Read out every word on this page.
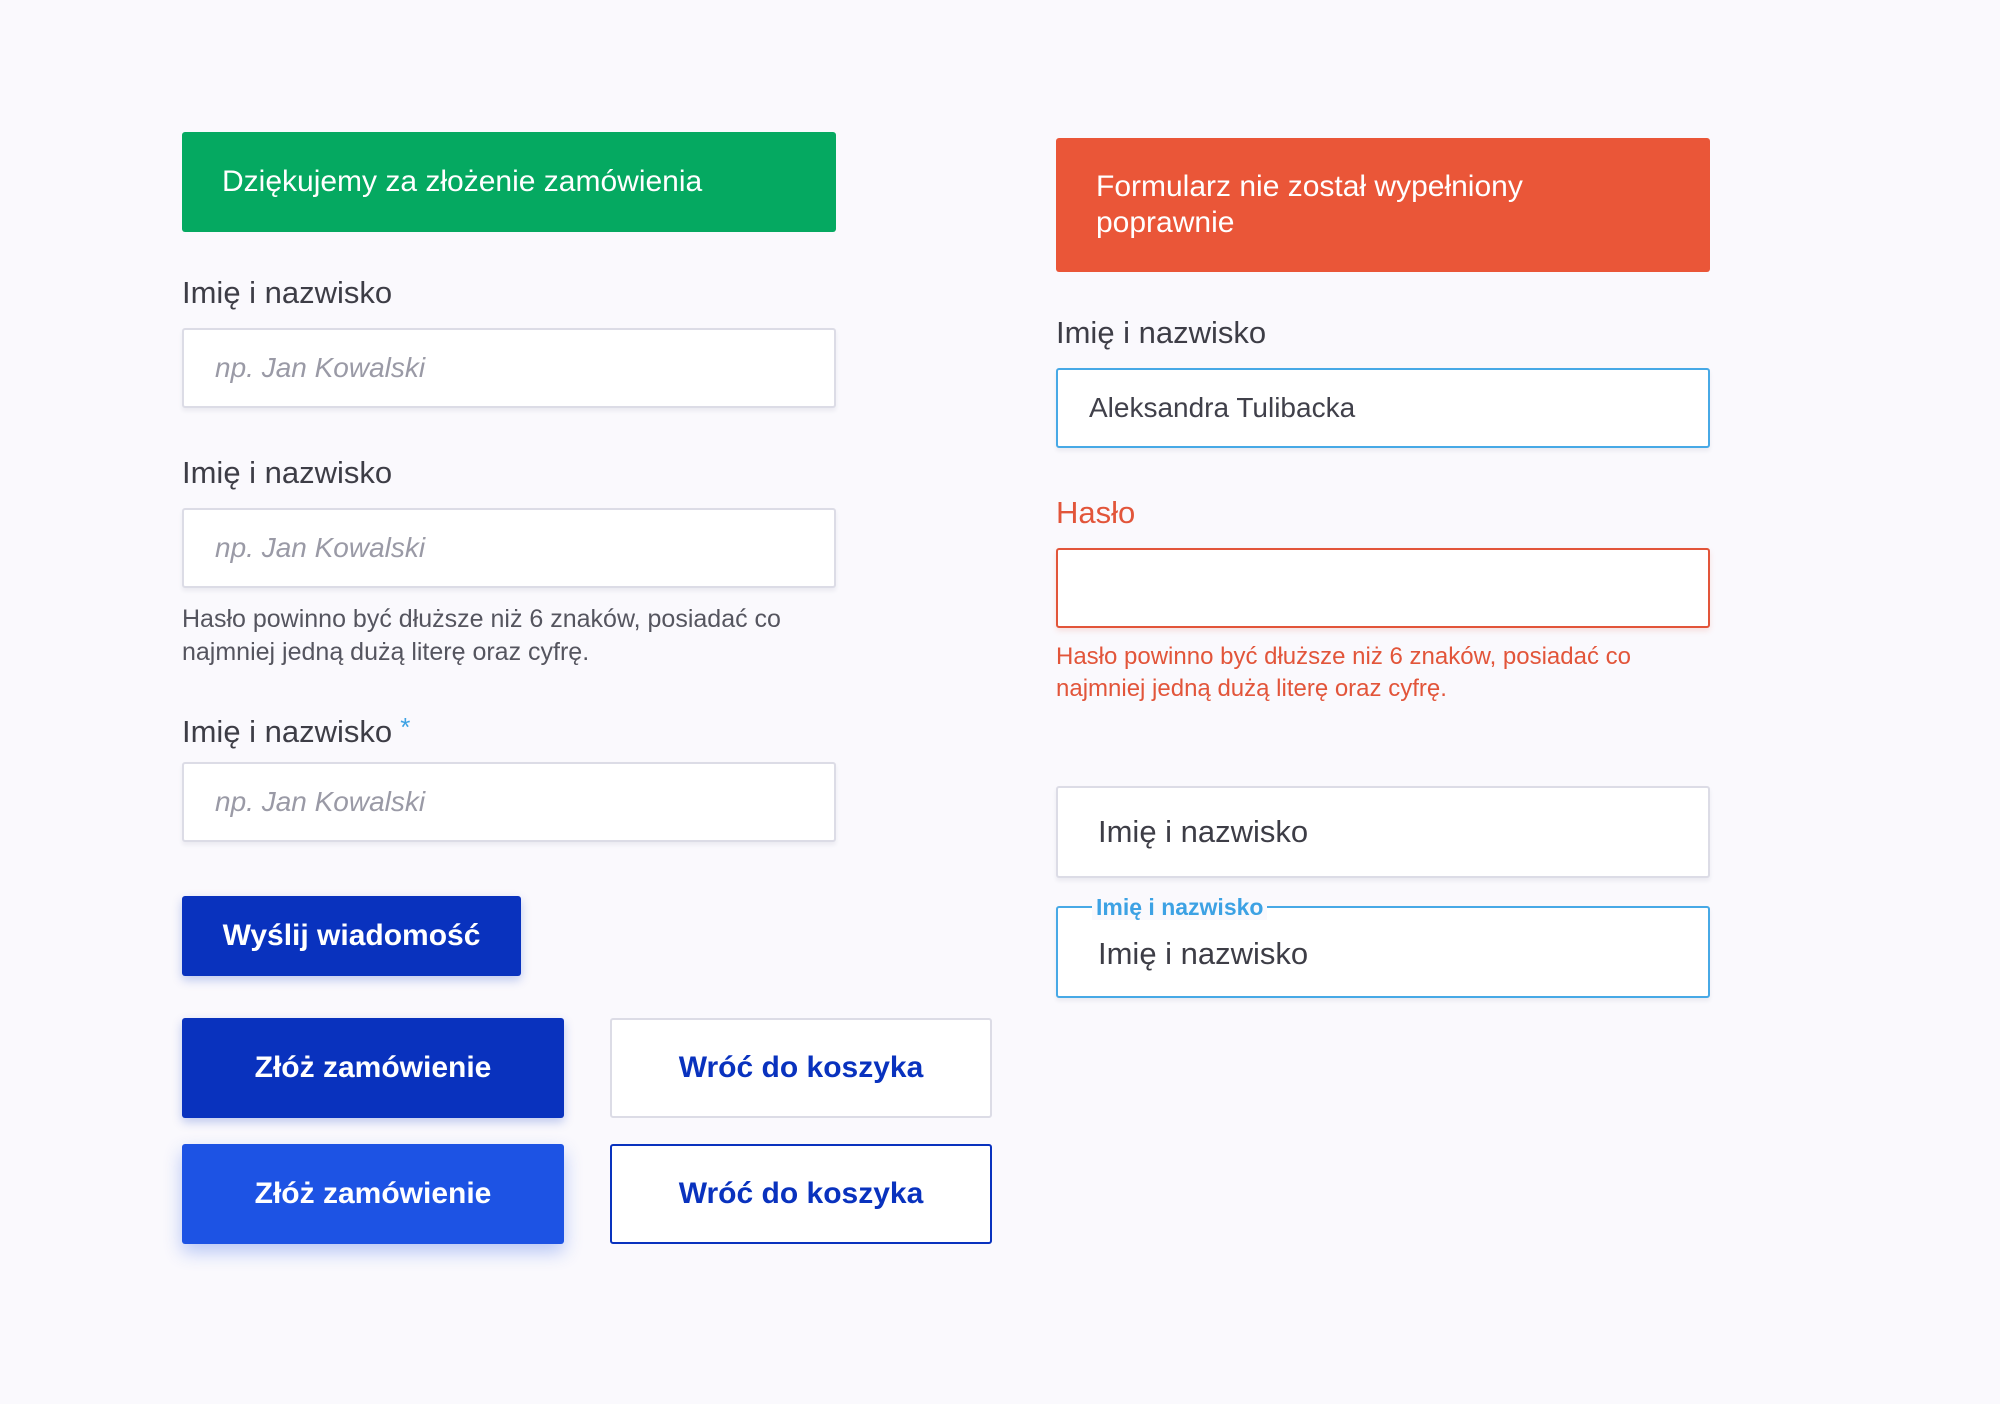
Dziękujemy za złożenie zamówienia
Imię i nazwisko
np. Jan Kowalski
Imię i nazwisko
np. Jan Kowalski
Hasło powinno być dłuższe niż 6 znaków, posiadać co najmniej jedną dużą literę oraz cyfrę.
Imię i nazwisko *
np. Jan Kowalski
Wyślij wiadomość
Złóż zamówienie	Wróć do koszyka
Złóż zamówienie	Wróć do koszyka
Formularz nie został wypełniony poprawnie
Imię i nazwisko
Aleksandra Tulibacka
Hasło
Hasło powinno być dłuższe niż 6 znaków, posiadać co najmniej jedną dużą literę oraz cyfrę.
Imię i nazwisko
Imię i nazwisko
Imię i nazwisko
